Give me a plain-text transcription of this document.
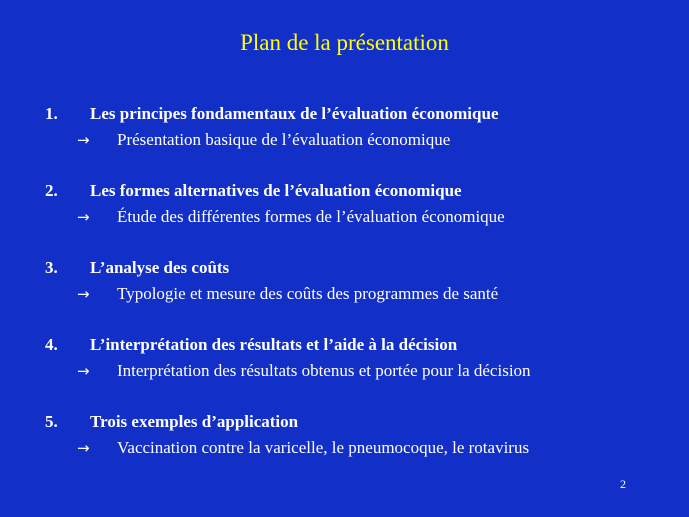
Plan de la présentation
1. Les principes fondamentaux de l’évaluation économique
→ Présentation basique de l’évaluation économique
2. Les formes alternatives de l’évaluation économique
→ Étude des différentes formes de l’évaluation économique
3. L’analyse des coûts
→ Typologie et mesure des coûts des programmes de santé
4. L’interprétation des résultats et l’aide à la décision
→ Interprétation des résultats obtenus et portée pour la décision
5. Trois exemples d’application
→ Vaccination contre la varicelle, le pneumocoque, le rotavirus
2
